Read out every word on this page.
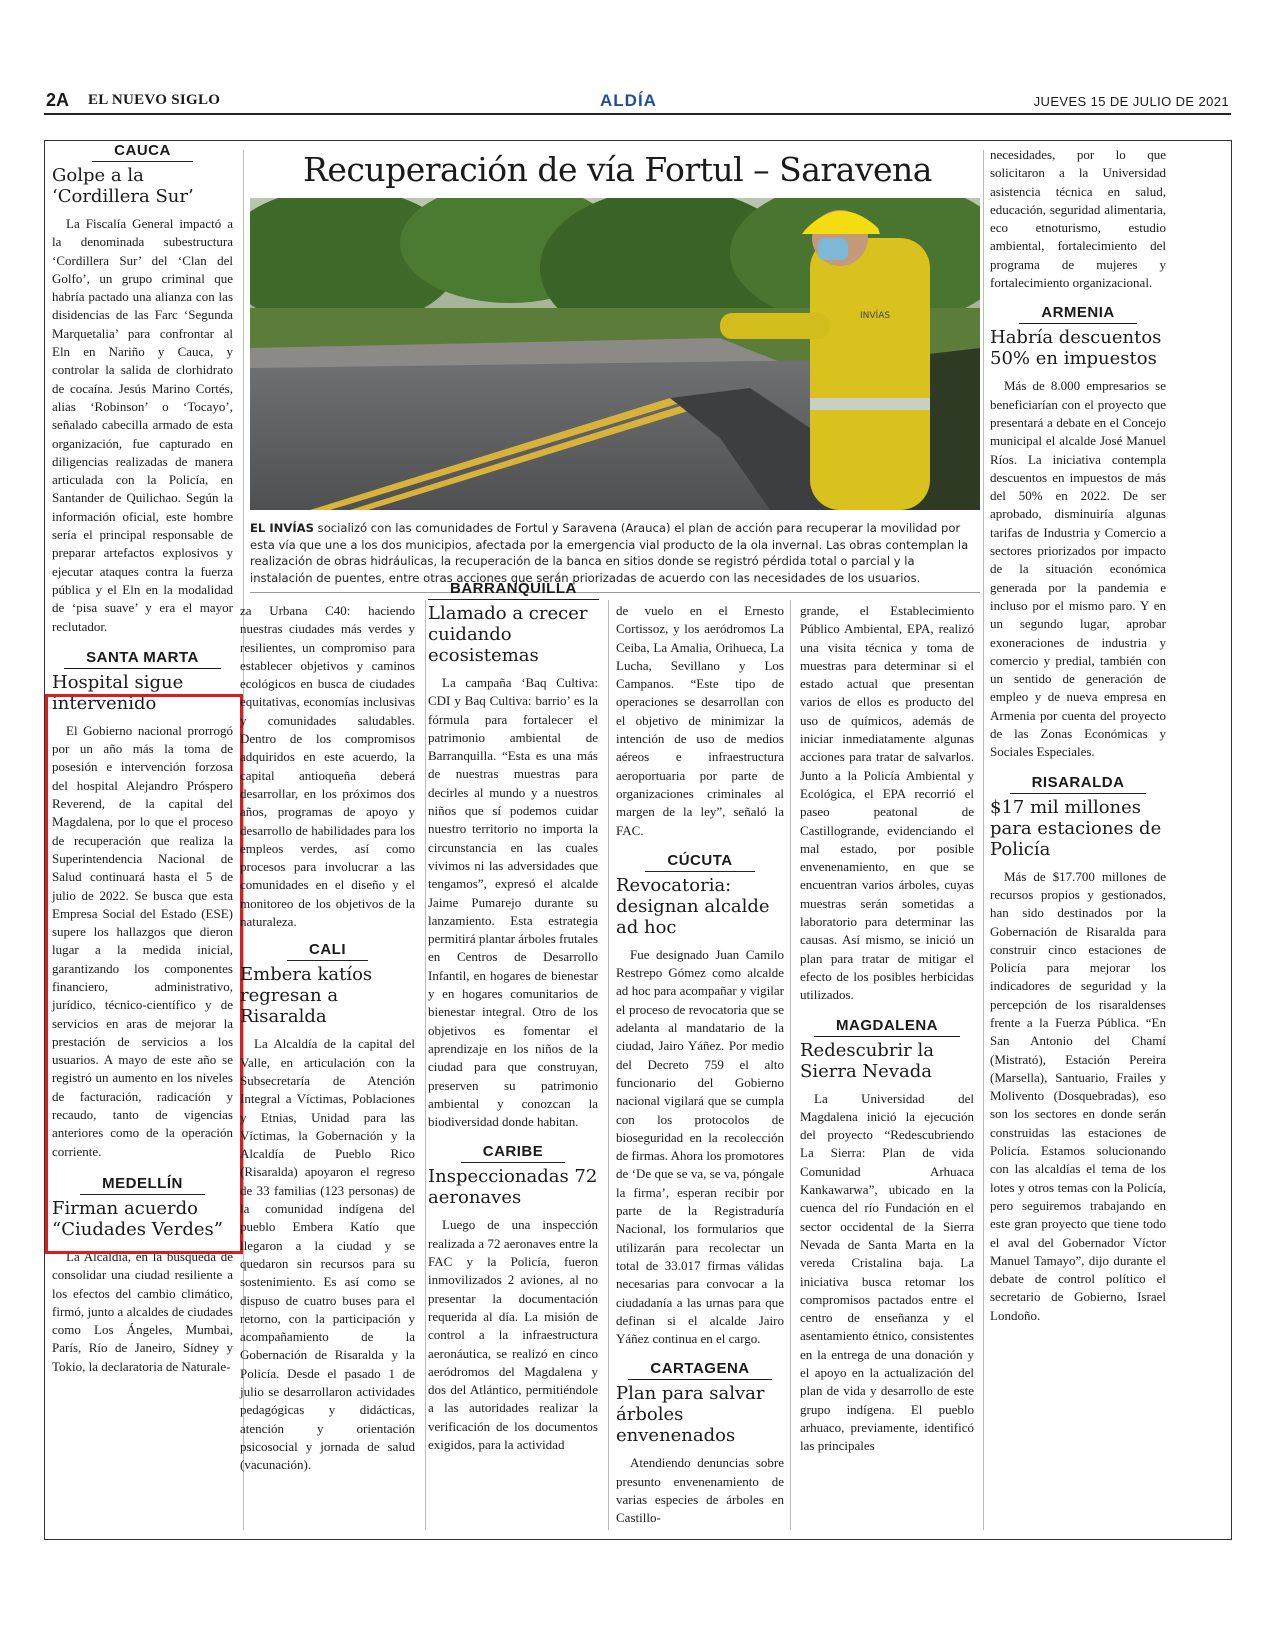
2A EL NUEVO SIGLO	ALDÍA	JUEVES 15 DE JULIO DE 2021
CAUCA
Golpe a la ‘Cordillera Sur’

La Fiscalía General impactó a la denominada subestructura ‘Cordillera Sur’ del ‘Clan del Golfo’, un grupo criminal que habría pactado una alianza con las disidencias de las Farc ‘Segunda Marquetalia’ para confrontar al Eln en Nariño y Cauca, y controlar la salida de clorhidrato de cocaína. Jesús Marino Cortés, alias ‘Robinson’ o ‘Tocayo’, señalado cabecilla armado de esta organización, fue capturado en diligencias realizadas de manera articulada con la Policía, en Santander de Quilichao. Según la información oficial, este hombre sería el principal responsable de preparar artefactos explosivos y ejecutar ataques contra la fuerza pública y el Eln en la modalidad de ‘pisa suave’ y era el mayor reclutador.

SANTA MARTA
Hospital sigue intervenido

El Gobierno nacional prorrogó por un año más la toma de posesión e intervención forzosa del hospital Alejandro Próspero Reverend, de la capital del Magdalena, por lo que el proceso de recuperación que realiza la Superintendencia Nacional de Salud continuará hasta el 5 de julio de 2022. Se busca que esta Empresa Social del Estado (ESE) supere los hallazgos que dieron lugar a la medida inicial, garantizando los componentes financiero, administrativo, jurídico, técnico-científico y de servicios en aras de mejorar la prestación de servicios a los usuarios. A mayo de este año se registró un aumento en los niveles de facturación, radicación y recaudo, tanto de vigencias anteriores como de la operación corriente.

MEDELLÍN
Firman acuerdo “Ciudades Verdes”

La Alcaldía, en la búsqueda de consolidar una ciudad resiliente a los efectos del cambio climático, firmó, junto a alcaldes de ciudades como Los Ángeles, Mumbai, París, Río de Janeiro, Sídney y Tokio, la declaratoria de Naturale-

Recuperación de vía Fortul – Saravena
INVÍAS
EL INVÍAS socializó con las comunidades de Fortul y Saravena (Arauca) el plan de acción para recuperar la movilidad por esta vía que une a los dos municipios, afectada por la emergencia vial producto de la ola invernal. Las obras contemplan la realización de obras hidráulicas, la recuperación de la banca en sitios donde se registró pérdida total o parcial y la instalación de puentes, entre otras acciones que serán priorizadas de acuerdo con las necesidades de los usuarios.

za Urbana C40: haciendo nuestras ciudades más verdes y resilientes, un compromiso para establecer objetivos y caminos ecológicos en busca de ciudades equitativas, economías inclusivas y comunidades saludables. Dentro de los compromisos adquiridos en este acuerdo, la capital antioqueña deberá desarrollar, en los próximos dos años, programas de apoyo y desarrollo de habilidades para los empleos verdes, así como procesos para involucrar a las comunidades en el diseño y el monitoreo de los objetivos de la naturaleza.

CALI
Embera katíos regresan a Risaralda

La Alcaldía de la capital del Valle, en articulación con la Subsecretaría de Atención Integral a Víctimas, Poblaciones y Etnias, Unidad para las Víctimas, la Gobernación y la Alcaldía de Pueblo Rico (Risaralda) apoyaron el regreso de 33 familias (123 personas) de la comunidad indígena del pueblo Embera Katío que llegaron a la ciudad y se quedaron sin recursos para su sostenimiento. Es así como se dispuso de cuatro buses para el retorno, con la participación y acompañamiento de la Gobernación de Risaralda y la Policía. Desde el pasado 1 de julio se desarrollaron actividades pedagógicas y didácticas, atención y orientación psicosocial y jornada de salud (vacunación).

BARRANQUILLA
Llamado a crecer cuidando ecosistemas

La campaña ‘Baq Cultiva: CDI y Baq Cultiva: barrio’ es la fórmula para fortalecer el patrimonio ambiental de Barranquilla. “Esta es una más de nuestras muestras para decirles al mundo y a nuestros niños que sí podemos cuidar nuestro territorio no importa la circunstancia en las cuales vivimos ni las adversidades que tengamos”, expresó el alcalde Jaime Pumarejo durante su lanzamiento. Esta estrategia permitirá plantar árboles frutales en Centros de Desarrollo Infantil, en hogares de bienestar y en hogares comunitarios de bienestar integral. Otro de los objetivos es fomentar el aprendizaje en los niños de la ciudad para que construyan, preserven su patrimonio ambiental y conozcan la biodiversidad donde habitan.

CARIBE
Inspeccionadas 72 aeronaves

Luego de una inspección realizada a 72 aeronaves entre la FAC y la Policía, fueron inmovilizados 2 aviones, al no presentar la documentación requerida al día. La misión de control a la infraestructura aeronáutica, se realizó en cinco aeródromos del Magdalena y dos del Atlántico, permitiéndole a las autoridades realizar la verificación de los documentos exigidos, para la actividad

de vuelo en el Ernesto Cortissoz, y los aeródromos La Ceiba, La Amalia, Orihueca, La Lucha, Sevillano y Los Campanos. “Este tipo de operaciones se desarrollan con el objetivo de minimizar la intención de uso de medios aéreos e infraestructura aeroportuaria por parte de organizaciones criminales al margen de la ley”, señaló la FAC.

CÚCUTA
Revocatoria: designan alcalde ad hoc

Fue designado Juan Camilo Restrepo Gómez como alcalde ad hoc para acompañar y vigilar el proceso de revocatoria que se adelanta al mandatario de la ciudad, Jairo Yáñez. Por medio del Decreto 759 el alto funcionario del Gobierno nacional vigilará que se cumpla con los protocolos de bioseguridad en la recolección de firmas. Ahora los promotores de ‘De que se va, se va, póngale la firma’, esperan recibir por parte de la Registraduría Nacional, los formularios que utilizarán para recolectar un total de 33.017 firmas válidas necesarias para convocar a la ciudadanía a las urnas para que definan si el alcalde Jairo Yáñez continua en el cargo.

CARTAGENA
Plan para salvar árboles envenenados

Atendiendo denuncias sobre presunto envenenamiento de varias especies de árboles en Castillo-

grande, el Establecimiento Público Ambiental, EPA, realizó una visita técnica y toma de muestras para determinar si el estado actual que presentan varios de ellos es producto del uso de químicos, además de iniciar inmediatamente algunas acciones para tratar de salvarlos. Junto a la Policía Ambiental y Ecológica, el EPA recorrió el paseo peatonal de Castillogrande, evidenciando el mal estado, por posible envenenamiento, en que se encuentran varios árboles, cuyas muestras serán sometidas a laboratorio para determinar las causas. Así mismo, se inició un plan para tratar de mitigar el efecto de los posibles herbicidas utilizados.

MAGDALENA
Redescubrir la Sierra Nevada

La Universidad del Magdalena inició la ejecución del proyecto “Redescubriendo La Sierra: Plan de vida Comunidad Arhuaca Kankawarwa”, ubicado en la cuenca del río Fundación en el sector occidental de la Sierra Nevada de Santa Marta en la vereda Cristalina baja. La iniciativa busca retomar los compromisos pactados entre el centro de enseñanza y el asentamiento étnico, consistentes en la entrega de una donación y el apoyo en la actualización del plan de vida y desarrollo de este grupo indígena. El pueblo arhuaco, previamente, identificó las principales

necesidades, por lo que solicitaron a la Universidad asistencia técnica en salud, educación, seguridad alimentaria, eco etnoturismo, estudio ambiental, fortalecimiento del programa de mujeres y fortalecimiento organizacional.

ARMENIA
Habría descuentos 50% en impuestos

Más de 8.000 empresarios se beneficiarían con el proyecto que presentará a debate en el Concejo municipal el alcalde José Manuel Ríos. La iniciativa contempla descuentos en impuestos de más del 50% en 2022. De ser aprobado, disminuiría algunas tarifas de Industria y Comercio a sectores priorizados por impacto de la situación económica generada por la pandemia e incluso por el mismo paro. Y en un segundo lugar, aprobar exoneraciones de industria y comercio y predial, también con un sentido de generación de empleo y de nueva empresa en Armenia por cuenta del proyecto de las Zonas Económicas y Sociales Especiales.

RISARALDA
$17 mil millones para estaciones de Policía

Más de $17.700 millones de recursos propios y gestionados, han sido destinados por la Gobernación de Risaralda para construir cinco estaciones de Policía para mejorar los indicadores de seguridad y la percepción de los risaraldenses frente a la Fuerza Pública. “En San Antonio del Chamí (Mistrató), Estación Pereira (Marsella), Santuario, Frailes y Molivento (Dosquebradas), eso son los sectores en donde serán construidas las estaciones de Policía. Estamos solucionando con las alcaldías el tema de los lotes y otros temas con la Policía, pero seguiremos trabajando en este gran proyecto que tiene todo el aval del Gobernador Víctor Manuel Tamayo”, dijo durante el debate de control político el secretario de Gobierno, Israel Londoño.
